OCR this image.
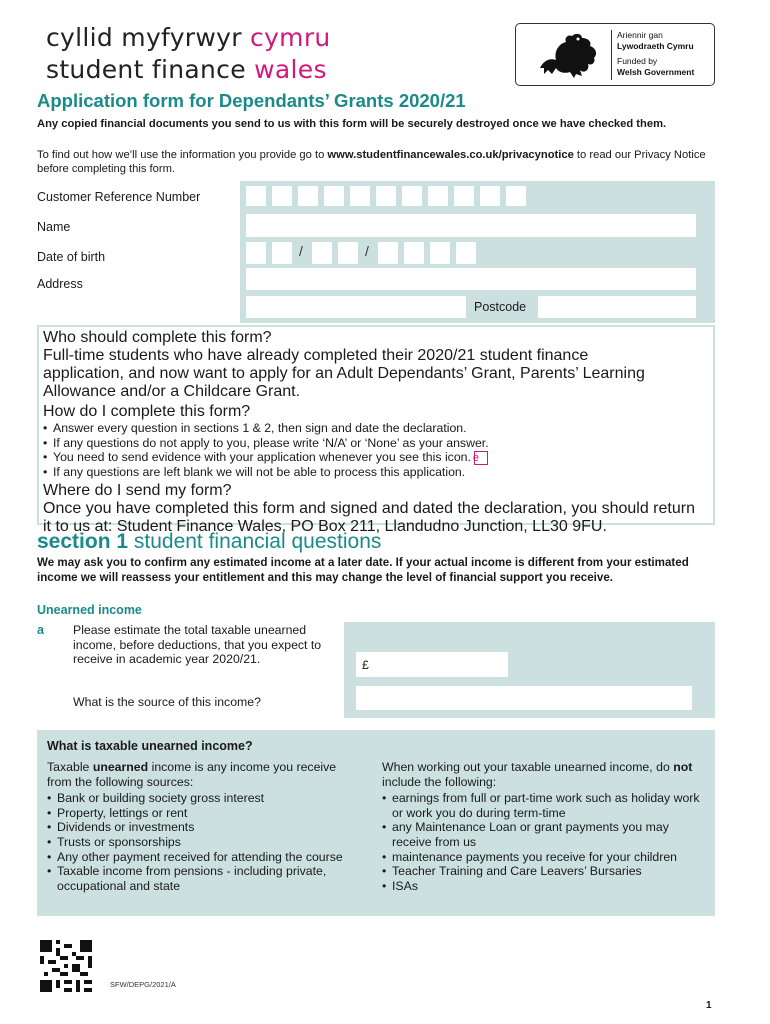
cyllid myfyrwyr cymru
student finance wales
Ariennir gan
Lywodraeth Cymru
Funded by
Welsh Government
Application form for Dependants’ Grants 2020/21
Any copied financial documents you send to us with this form will be securely destroyed once we have checked them.
To find out how we’ll use the information you provide go to www.studentfinancewales.co.uk/privacynotice to read our Privacy Notice before completing this form.
Customer Reference Number
Name
Date of birth	/	/
Address
Postcode
Who should complete this form?
Full-time students who have already completed their 2020/21 student finance application, and now want to apply for an Adult Dependants’ Grant, Parents’ Learning Allowance and/or a Childcare Grant.
How do I complete this form?
• Answer every question in sections 1 & 2, then sign and date the declaration.
• If any questions do not apply to you, please write ‘N/A’ or ‘None’ as your answer.
• You need to send evidence with your application whenever you see this icon. e
• If any questions are left blank we will not be able to process this application.
Where do I send my form?
Once you have completed this form and signed and dated the declaration, you should return it to us at: Student Finance Wales, PO Box 211, Llandudno Junction, LL30 9FU.
section 1 student financial questions
We may ask you to confirm any estimated income at a later date. If your actual income is different from your estimated income we will reassess your entitlement and this may change the level of financial support you receive.
Unearned income
a Please estimate the total taxable unearned income, before deductions, that you expect to receive in academic year 2020/21.
What is the source of this income?
£
What is taxable unearned income?
Taxable unearned income is any income you receive from the following sources:
• Bank or building society gross interest
• Property, lettings or rent
• Dividends or investments
• Trusts or sponsorships
• Any other payment received for attending the course
• Taxable income from pensions - including private, occupational and state
When working out your taxable unearned income, do not include the following:
• earnings from full or part-time work such as holiday work or work you do during term-time
• any Maintenance Loan or grant payments you may receive from us
• maintenance payments you receive for your children
• Teacher Training and Care Leavers’ Bursaries
• ISAs
SFW/DEPG/2021/A
1
